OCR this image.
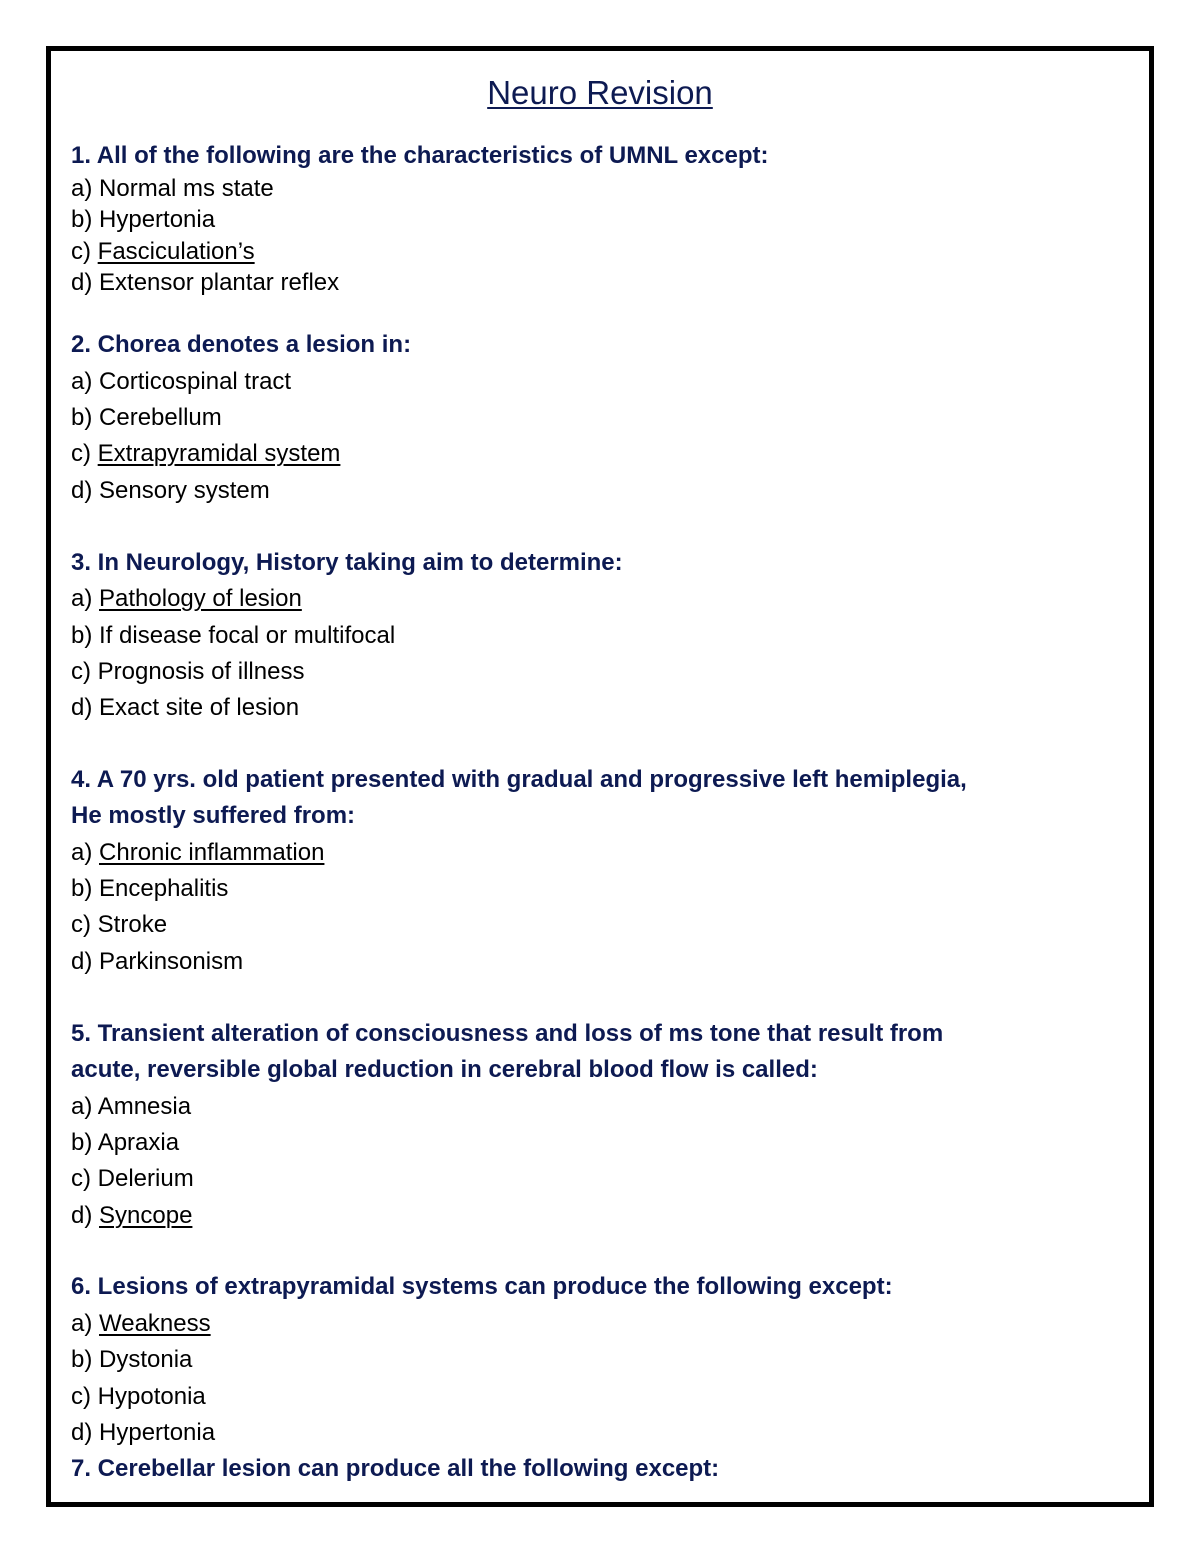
Neuro Revision
1. All of the following are the characteristics of UMNL except:
a) Normal ms state
b) Hypertonia
c) Fasciculation’s
d) Extensor plantar reflex
2. Chorea denotes a lesion in:
a) Corticospinal tract
b) Cerebellum
c) Extrapyramidal system
d) Sensory system
3. In Neurology, History taking aim to determine:
a) Pathology of lesion
b) If disease focal or multifocal
c) Prognosis of illness
d) Exact site of lesion
4. A 70 yrs. old patient presented with gradual and progressive left hemiplegia,
He mostly suffered from:
a) Chronic inflammation
b) Encephalitis
c) Stroke
d) Parkinsonism
5. Transient alteration of consciousness and loss of ms tone that result from
acute, reversible global reduction in cerebral blood flow is called:
a) Amnesia
b) Apraxia
c) Delerium
d) Syncope
6. Lesions of extrapyramidal systems can produce the following except:
a) Weakness
b) Dystonia
c) Hypotonia
d) Hypertonia
7. Cerebellar lesion can produce all the following except:
